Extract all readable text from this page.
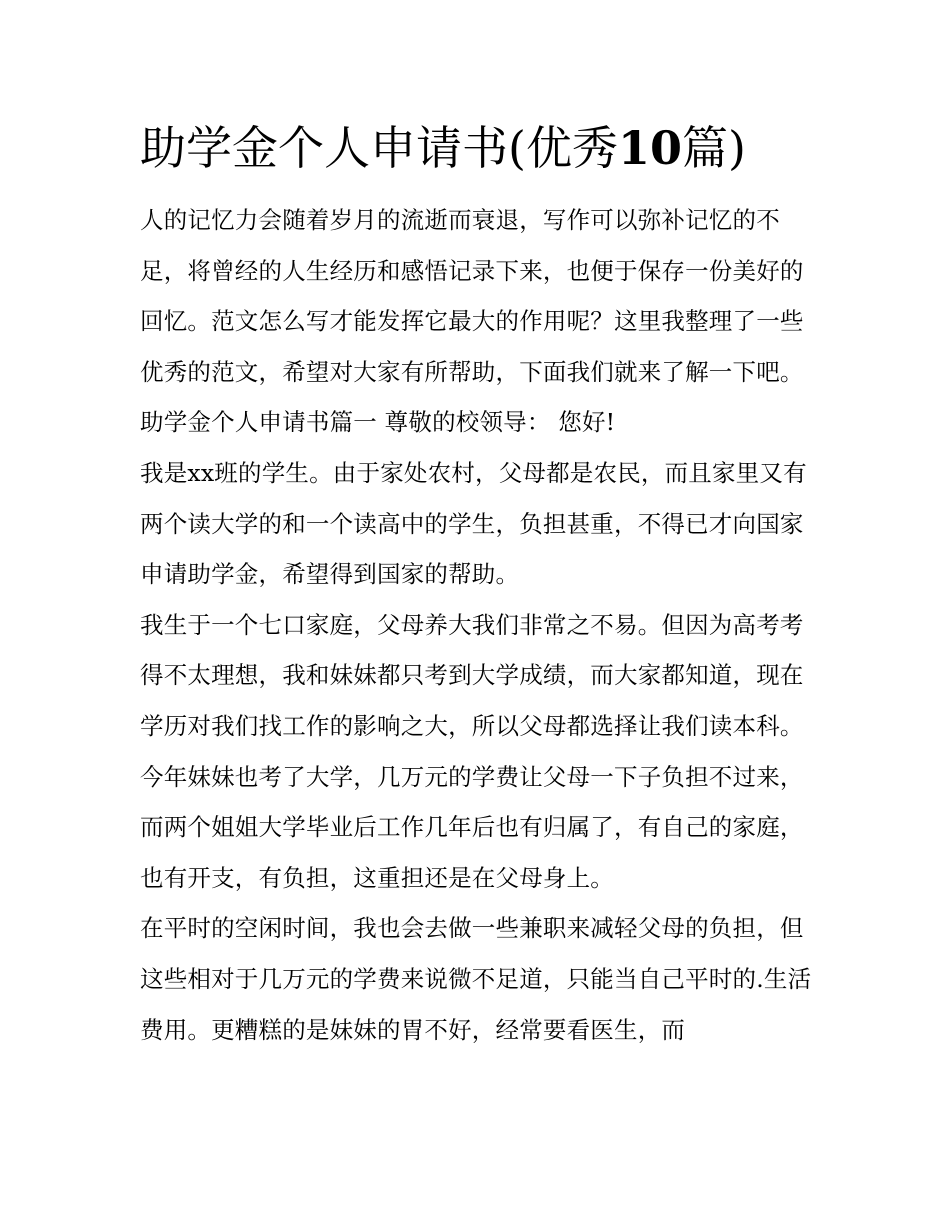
助学金个人申请书(优秀10篇)

人的记忆力会随着岁月的流逝而衰退，写作可以弥补记忆的不足，将曾经的人生经历和感悟记录下来，也便于保存一份美好的回忆。范文怎么写才能发挥它最大的作用呢？这里我整理了一些优秀的范文，希望对大家有所帮助，下面我们就来了解一下吧。

助学金个人申请书篇一 尊敬的校领导： 您好!

我是xx班的学生。由于家处农村，父母都是农民，而且家里又有两个读大学的和一个读高中的学生，负担甚重，不得已才向国家申请助学金，希望得到国家的帮助。

我生于一个七口家庭，父母养大我们非常之不易。但因为高考考得不太理想，我和妹妹都只考到大学成绩，而大家都知道，现在学历对我们找工作的影响之大，所以父母都选择让我们读本科。今年妹妹也考了大学，几万元的学费让父母一下子负担不过来，而两个姐姐大学毕业后工作几年后也有归属了，有自己的家庭，也有开支，有负担，这重担还是在父母身上。

在平时的空闲时间，我也会去做一些兼职来减轻父母的负担，但这些相对于几万元的学费来说微不足道，只能当自己平时的.生活费用。更糟糕的是妹妹的胃不好，经常要看医生，而
